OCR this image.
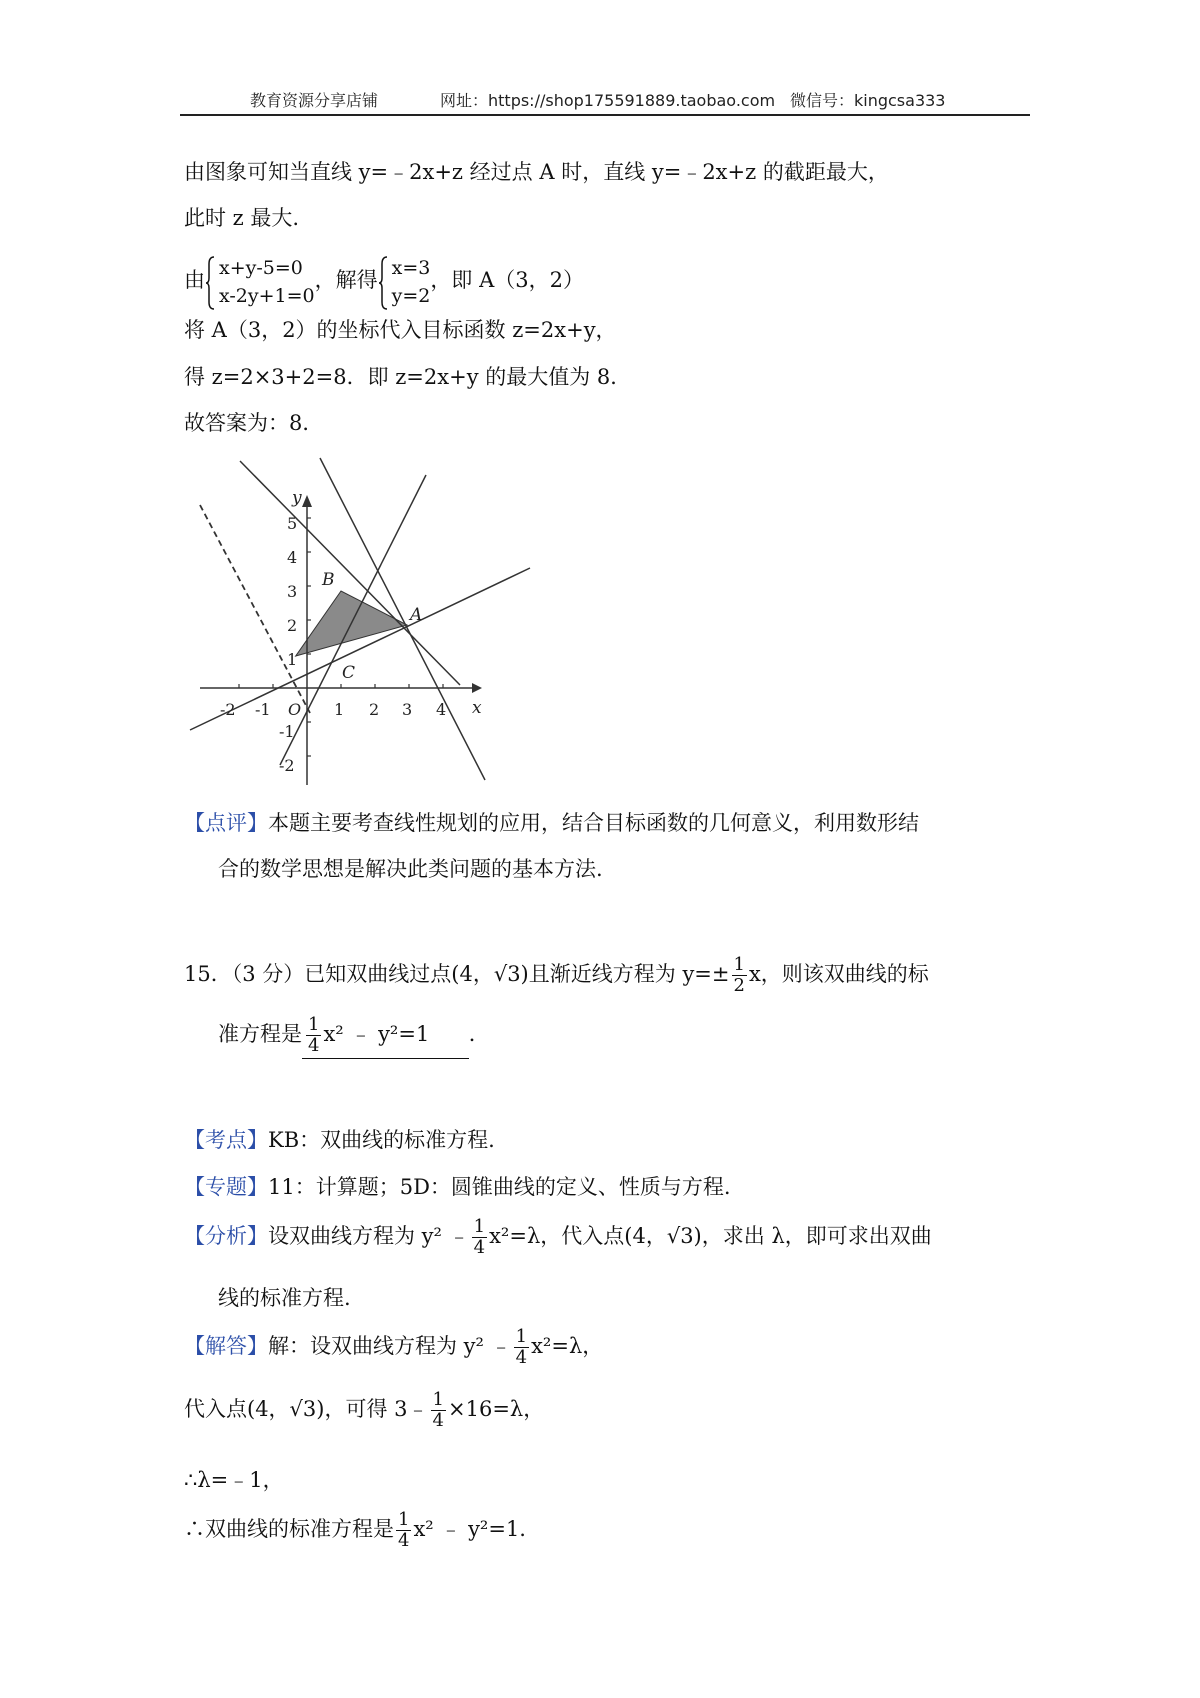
教育资源分享店铺	网址：https://shop175591889.taobao.com 微信号：kingcsa333
由图象可知当直线 y=﹣2x+z 经过点 A 时，直线 y=﹣2x+z 的截距最大，
此时 z 最大.
由
x+y-5=0
x-2y+1=0
，解得
x=3
y=2
，即 A（3，2）
将 A（3，2）的坐标代入目标函数 z=2x+y，
得 z=2×3+2=8．即 z=2x+y 的最大值为 8．
故答案为：8．
x
y
A
B
C
-2 -1 O 1 2 3 4
5
4
3
2
1
-1
-2
【点评】本题主要考查线性规划的应用，结合目标函数的几何意义，利用数形结
合的数学思想是解决此类问题的基本方法.
15．（3 分）已知双曲线过点(4，√3)且渐近线方程为 $y=\pm \frac{1}{2}$ x，则该双曲线的标
准方程是 $\frac{1}{4} x^2$ ﹣ y²=1 ．
【考点】KB：双曲线的标准方程.
【专题】11：计算题；5D：圆锥曲线的定义、性质与方程.
【分析】设双曲线方程为 y² ﹣ $\frac{1}{4} x^2=\lambda$，代入点(4，√3)，求出 λ，即可求出双曲
线的标准方程.
【解答】解：设双曲线方程为 y² ﹣ $\frac{1}{4} x^2=\lambda$，
代入点(4，√3)，可得 3﹣ $\frac{1}{4} \times 16=\lambda$，
∴λ=﹣1，
∴双曲线的标准方程是 $\frac{1}{4} x^2$ ﹣ y²=1.
